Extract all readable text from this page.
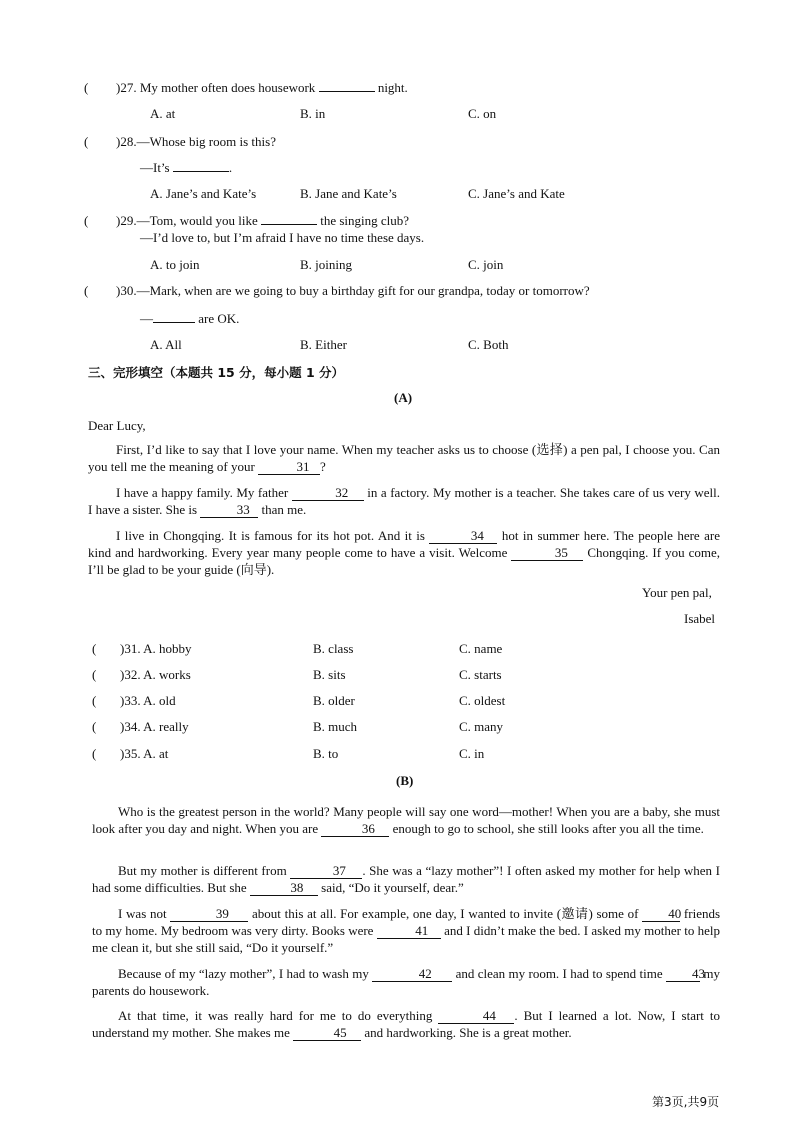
( )27. My mother often does housework	night.
A. at	B. in	C. on
( )28.—Whose big room is this?
—It’s	.
A. Jane’s and Kate’s	B. Jane and Kate’s	C. Jane’s and Kate
( )29.—Tom, would you like	the singing club?
—I’d love to, but I’m afraid I have no time these days.
A. to join	B. joining	C. join
( )30.—Mark, when are we going to buy a birthday gift for our grandpa, today or tomorrow?
—	are OK.
A. All	B. Either	C. Both
三、完形填空（本题共 15 分，每小题 1 分）
(A)
Dear Lucy,
First, I’d like to say that I love your name. When my teacher asks us to choose (选择) a pen pal, I choose you. Can you tell me the meaning of your	31 ?
I have a happy family. My father	32 in a factory. My mother is a teacher. She takes care of us very well. I have a sister. She is	33 than me.
I live in Chongqing. It is famous for its hot pot. And it is	34 hot in summer here. The people here are kind and hardworking. Every year many people come to have a visit. Welcome	35 Chongqing. If you come, I’ll be glad to be your guide (向导).
Your pen pal,
Isabel
( )31. A. hobby	B. class	C. name
( )32. A. works	B. sits	C. starts
( )33. A. old	B. older	C. oldest
( )34. A. really	B. much	C. many
( )35. A. at	B. to	C. in
(B)
Who is the greatest person in the world? Many people will say one word—mother! When you are a baby, she must look after you day and night. When you are	36 enough to go to school, she still looks after you all the time.
But my mother is different from	37 . She was a “lazy mother”! I often asked my mother for help when I had some difficulties. But she	38 said, “Do it yourself, dear.”
I was not	39 about this at all. For example, one day, I wanted to invite (邀请) some of 40 friends to my home. My bedroom was very dirty. Books were	41 and I didn’t make the bed. I asked my mother to help me clean it, but she still said, “Do it yourself.”
Because of my “lazy mother”, I had to wash my	42 and clean my room. I had to spend time 43 my parents do housework.
At that time, it was really hard for me to do everything	44 . But I learned a lot. Now, I start to understand my mother. She makes me	45 and hardworking. She is a great mother.
第3页,共9页
